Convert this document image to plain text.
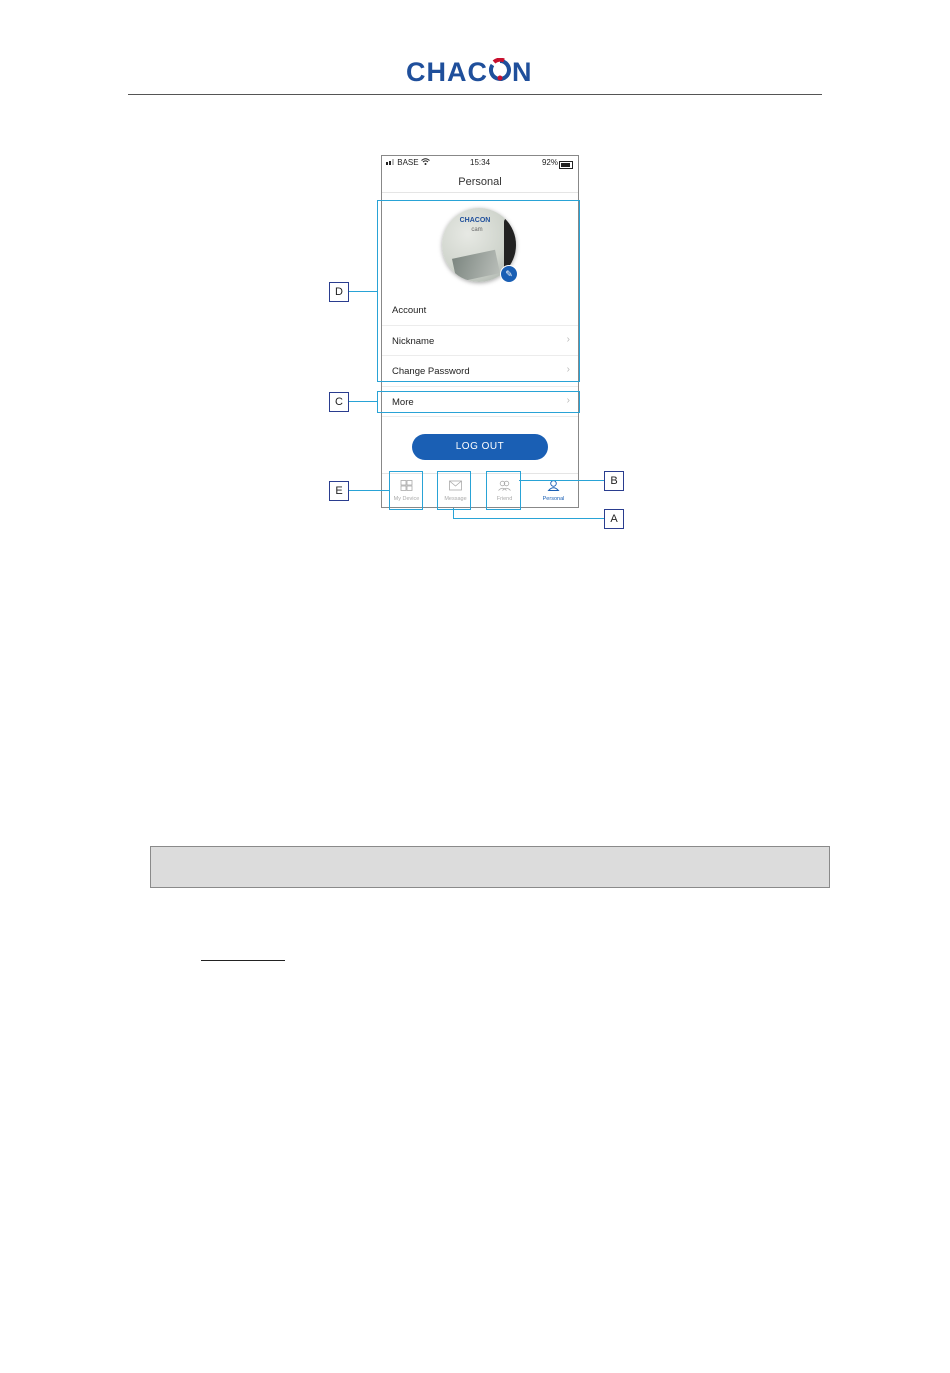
CHAC N
BASE	15:34	92%
Personal
CHACON
cam
✎
Account
Nickname	›
Change Password	›
More	›
LOG OUT
My Device	Message	Friend	Personal
D
C
E
B
A
